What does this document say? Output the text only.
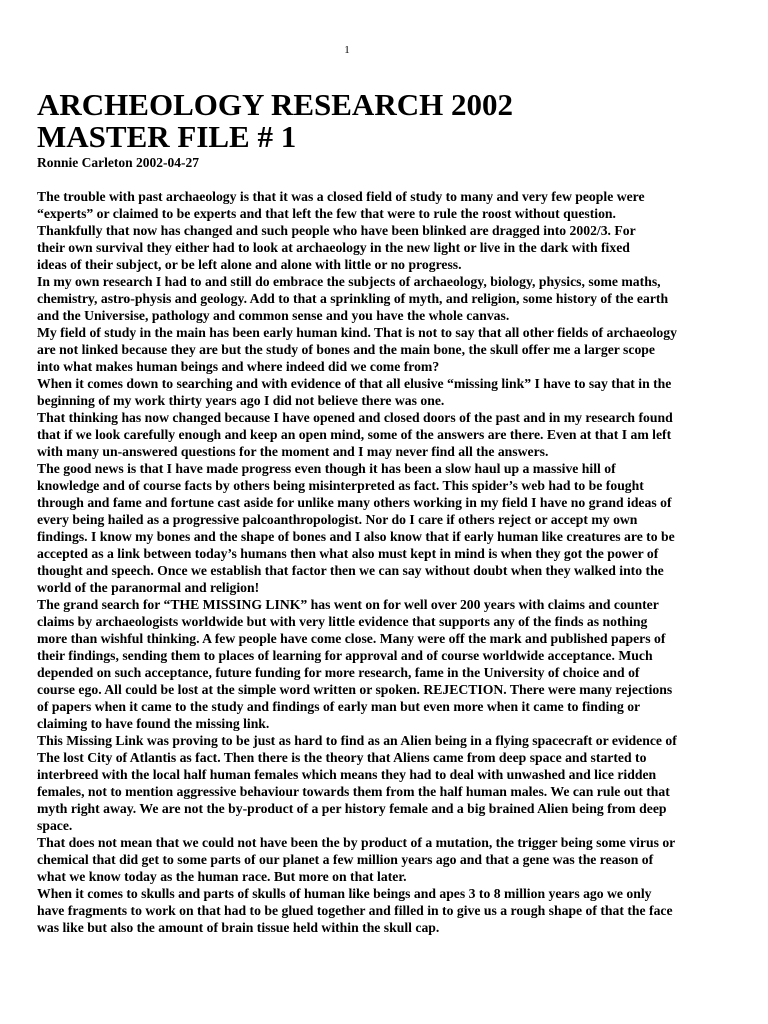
1
ARCHEOLOGY RESEARCH 2002
MASTER FILE # 1
Ronnie Carleton 2002-04-27
The trouble with past archaeology is that it was a closed field of study to many and very few people were
“experts” or claimed to be experts and that left the few that were to rule the roost without question.
Thankfully that now has changed and such people who have been blinked are dragged into 2002/3. For
their own survival they either had to look at archaeology in the new light or live in the dark with fixed
ideas of their subject, or be left alone and alone with little or no progress.
In my own research I had to and still do embrace the subjects of archaeology, biology, physics, some maths,
chemistry, astro-physis and geology. Add to that a sprinkling of myth, and religion, some history of the earth
and the Universise, pathology and common sense and you have the whole canvas.
My field of study in the main has been early human kind. That is not to say that all other fields of archaeology
are not linked because they are but the study of bones and the main bone, the skull offer me a larger scope
into what makes human beings and where indeed did we come from?
When it comes down to searching and with evidence of that all elusive “missing link” I have to say that in the
beginning of my work thirty years ago I did not believe there was one.
That thinking has now changed because I have opened and closed doors of the past and in my research found
that if we look carefully enough and keep an open mind, some of the answers are there. Even at that I am left
with many un-answered questions for the moment and I may never find all the answers.
The good news is that I have made progress even though it has been a slow haul up a massive hill of
knowledge and of course facts by others being misinterpreted as fact. This spider’s web had to be fought
through and fame and fortune cast aside for unlike many others working in my field I have no grand ideas of
every being hailed as a progressive palcoanthropologist. Nor do I care if others reject or accept my own
findings. I know my bones and the shape of bones and I also know that if early human like creatures are to be
accepted as a link between today’s humans then what also must kept in mind is when they got the power of
thought and speech. Once we establish that factor then we can say without doubt when they walked into the
world of the paranormal and religion!
The grand search for “THE MISSING LINK” has went on for well over 200 years with claims and counter
claims by archaeologists worldwide but with very little evidence that supports any of the finds as nothing
more than wishful thinking. A few people have come close. Many were off the mark and published papers of
their findings, sending them to places of learning for approval and of course worldwide acceptance. Much
depended on such acceptance, future funding for more research, fame in the University of choice and of
course ego. All could be lost at the simple word written or spoken. REJECTION. There were many rejections
of papers when it came to the study and findings of early man but even more when it came to finding or
claiming to have found the missing link.
This Missing Link was proving to be just as hard to find as an Alien being in a flying spacecraft or evidence of
The lost City of Atlantis as fact. Then there is the theory that Aliens came from deep space and started to
interbreed with the local half human females which means they had to deal with unwashed and lice ridden
females, not to mention aggressive behaviour towards them from the half human males. We can rule out that
myth right away. We are not the by-product of a per history female and a big brained Alien being from deep
space.
That does not mean that we could not have been the by product of a mutation, the trigger being some virus or
chemical that did get to some parts of our planet a few million years ago and that a gene was the reason of
what we know today as the human race. But more on that later.
When it comes to skulls and parts of skulls of human like beings and apes 3 to 8 million years ago we only
have fragments to work on that had to be glued together and filled in to give us a rough shape of that the face
was like but also the amount of brain tissue held within the skull cap.
